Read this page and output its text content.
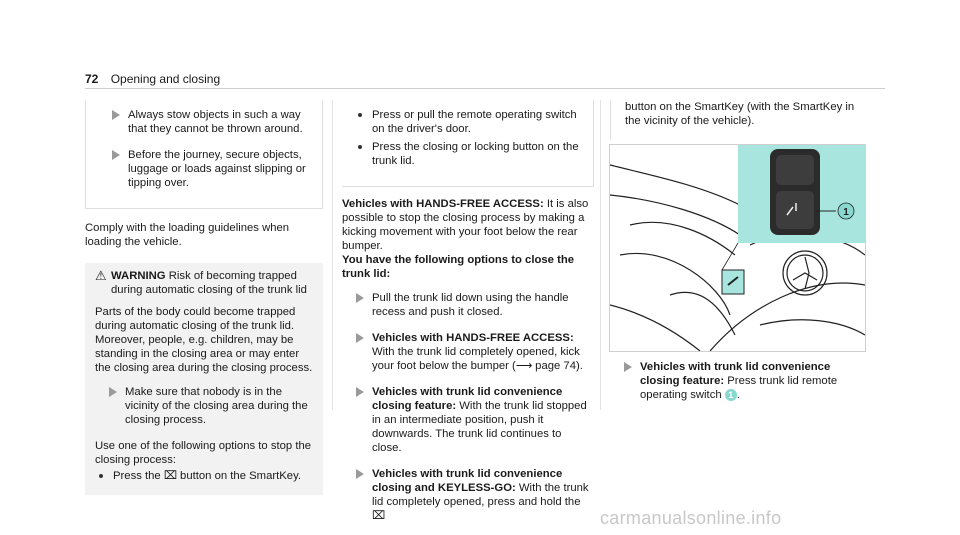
72 Opening and closing
Always stow objects in such a way that they cannot be thrown around.
Before the journey, secure objects, luggage or loads against slipping or tipping over.

Comply with the loading guidelines when loading the vehicle.

⚠ WARNING Risk of becoming trapped during automatic closing of the trunk lid

Parts of the body could become trapped during automatic closing of the trunk lid. Moreover, people, e.g. children, may be standing in the closing area or may enter the closing area during the closing process.

Make sure that nobody is in the vicinity of the closing area during the closing process.

Use one of the following options to stop the closing process:

Press the ⌧ button on the SmartKey.
Press or pull the remote operating switch on the driver's door.
Press the closing or locking button on the trunk lid.

Vehicles with HANDS-FREE ACCESS: It is also possible to stop the closing process by making a kicking movement with your foot below the rear bumper.

You have the following options to close the trunk lid:

Pull the trunk lid down using the handle recess and push it closed.
Vehicles with HANDS-FREE ACCESS: With the trunk lid completely opened, kick your foot below the bumper (⟶ page 74).
Vehicles with trunk lid convenience closing feature: With the trunk lid stopped in an intermediate position, push it downwards. The trunk lid continues to close.
Vehicles with trunk lid convenience closing and KEYLESS-GO: With the trunk lid completely opened, press and hold the ⌧

button on the SmartKey (with the SmartKey in the vicinity of the vehicle).

1
Vehicles with trunk lid convenience closing feature: Press trunk lid remote operating switch 1 .
carmanualsonline.info
